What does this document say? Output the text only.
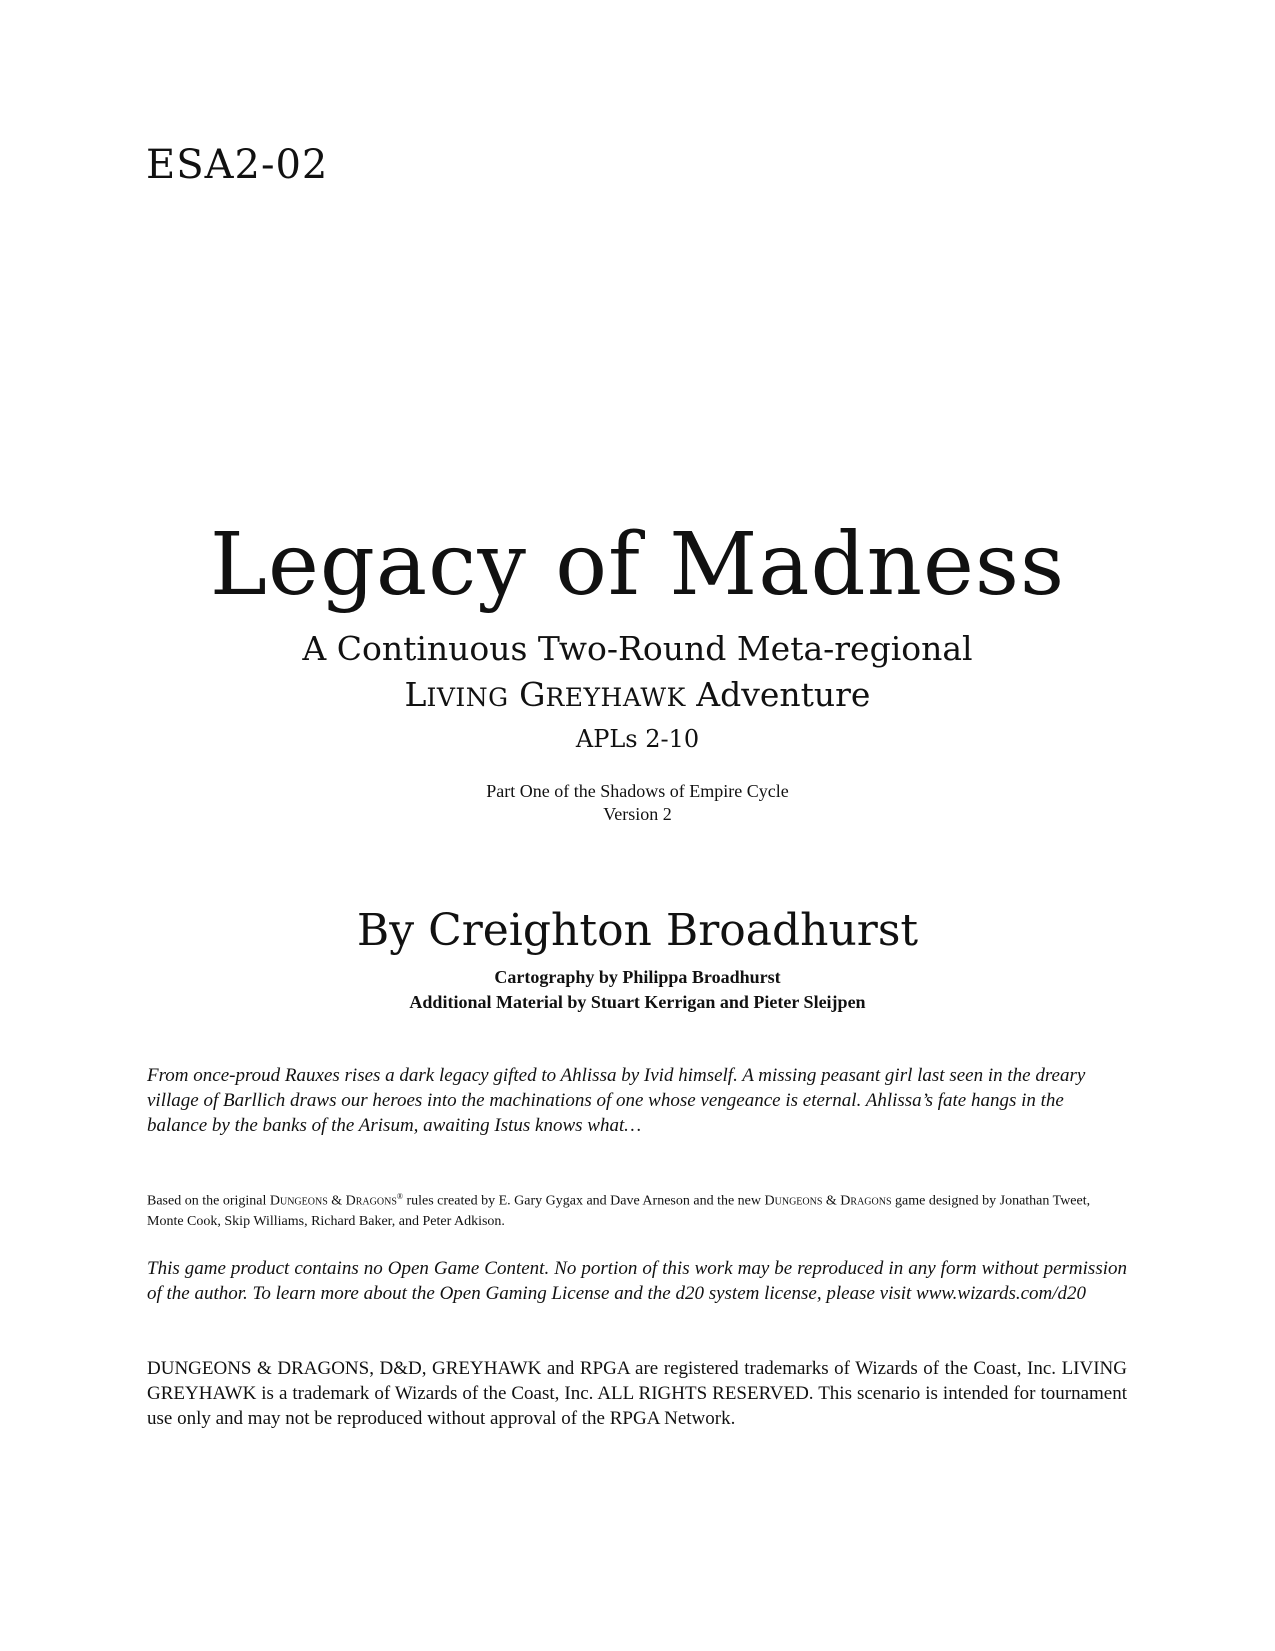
ESA2-02
Legacy of Madness
A Continuous Two-Round Meta-regional
LIVING GREYHAWK Adventure
APLs 2-10
Part One of the Shadows of Empire Cycle
Version 2
By Creighton Broadhurst
Cartography by Philippa Broadhurst
Additional Material by Stuart Kerrigan and Pieter Sleijpen
From once-proud Rauxes rises a dark legacy gifted to Ahlissa by Ivid himself. A missing peasant girl last seen in the dreary village of Barllich draws our heroes into the machinations of one whose vengeance is eternal. Ahlissa’s fate hangs in the balance by the banks of the Arisum, awaiting Istus knows what…
Based on the original Dungeons & Dragons® rules created by E. Gary Gygax and Dave Arneson and the new Dungeons & Dragons game designed by Jonathan Tweet, Monte Cook, Skip Williams, Richard Baker, and Peter Adkison.
This game product contains no Open Game Content. No portion of this work may be reproduced in any form without permission of the author. To learn more about the Open Gaming License and the d20 system license, please visit www.wizards.com/d20
DUNGEONS & DRAGONS, D&D, GREYHAWK and RPGA are registered trademarks of Wizards of the Coast, Inc. LIVING GREYHAWK is a trademark of Wizards of the Coast, Inc. ALL RIGHTS RESERVED. This scenario is intended for tournament use only and may not be reproduced without approval of the RPGA Network.
